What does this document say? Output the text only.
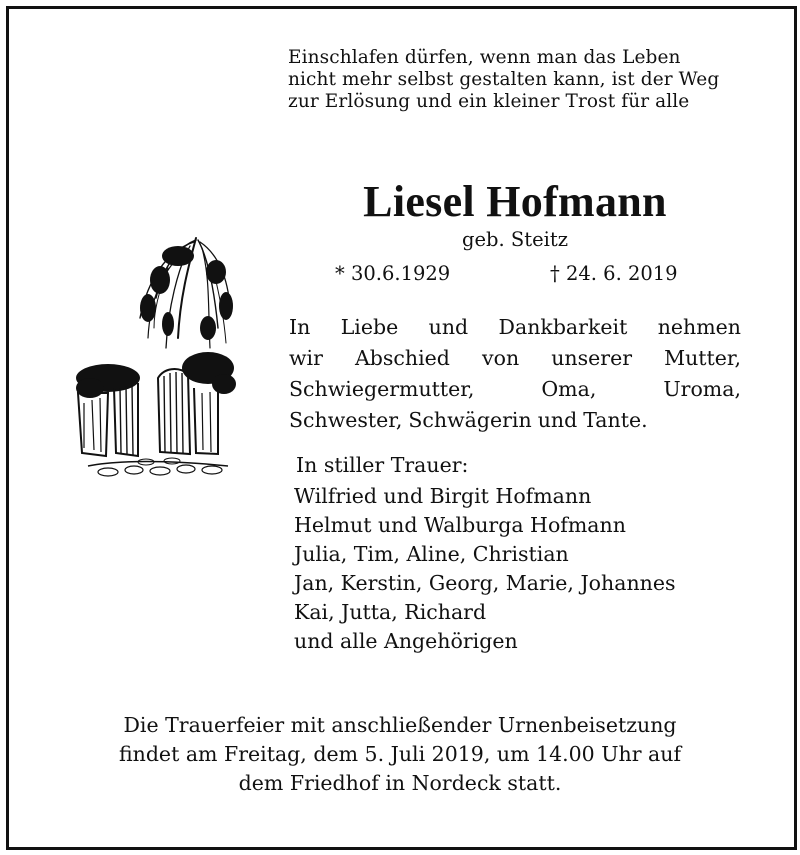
Einschlafen dürfen, wenn man das Leben
nicht mehr selbst gestalten kann, ist der Weg
zur Erlösung und ein kleiner Trost für alle
Liesel Hofmann
geb. Steitz
* 30.6.1929	† 24. 6. 2019
In Liebe und Dankbarkeit nehmen
wir Abschied von unserer Mutter,
Schwiegermutter,	Oma,	Uroma,
Schwester, Schwägerin und Tante.
In stiller Trauer:
Wilfried und Birgit Hofmann
Helmut und Walburga Hofmann
Julia, Tim, Aline, Christian
Jan, Kerstin, Georg, Marie, Johannes
Kai, Jutta, Richard
und alle Angehörigen
Die Trauerfeier mit anschließender Urnenbeisetzung
findet am Freitag, dem 5. Juli 2019, um 14.00 Uhr auf
dem Friedhof in Nordeck statt.
